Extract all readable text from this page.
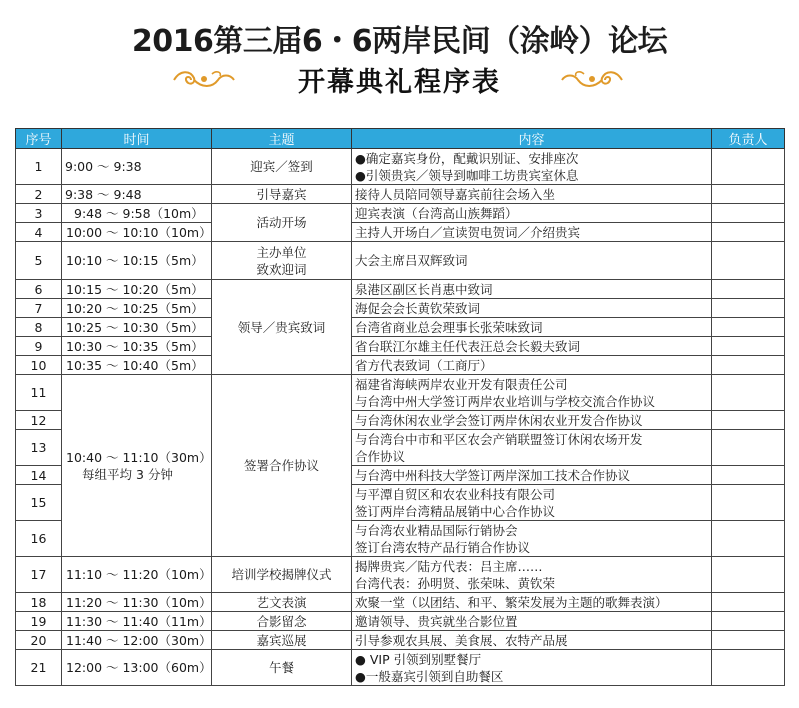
2016第三届6・6两岸民间（涂岭）论坛
开幕典礼程序表
序号	时间	主题	内容	负责人
1	9:00 ～ 9:38	迎宾／签到	●确定嘉宾身份，配戴识别证、安排座次
●引领贵宾／领导到咖啡工坊贵宾室休息	

2	9:38 ～ 9:48	引导嘉宾	接待人员陪同领导嘉宾前往会场入坐	
3	9:48 ～ 9:58（10m）	活动开场	迎宾表演（台湾高山族舞蹈）	
4	10:00 ～ 10:10（10m）		主持人开场白／宣读贺电贺词／介绍贵宾	
5	10:10 ～ 10:15（5m）	主办单位
致欢迎词	大会主席吕双辉致词	
6	10:15 ～ 10:20（5m）	领导／贵宾致词	泉港区副区长肖惠中致词	
7	10:20 ～ 10:25（5m）		海促会会长黄钦荣致词	
8	10:25 ～ 10:30（5m）		台湾省商业总会理事长张荣味致词	
9	10:30 ～ 10:35（5m）		省台联江尔雄主任代表汪总会长毅夫致词	
10	10:35 ～ 10:40（5m）		省方代表致词（工商厅）	
11	10:40 ～ 11:10（30m）
每组平均 3 分钟	签署合作协议	福建省海峡两岸农业开发有限责任公司
与台湾中州大学签订两岸农业培训与学校交流合作协议	

12			与台湾休闲农业学会签订两岸休闲农业开发合作协议	
13			与台湾台中市和平区农会产销联盟签订休闲农场开发
合作协议	

14			与台湾中州科技大学签订两岸深加工技术合作协议	
15			与平潭自贸区和农农业科技有限公司
签订两岸台湾精品展销中心合作协议	

16			与台湾农业精品国际行销协会
签订台湾农特产品行销合作协议	

17	11:10 ～ 11:20（10m）	培训学校揭牌仪式	揭牌贵宾／陆方代表：吕主席……
台湾代表：孙明贤、张荣味、黄钦荣	

18	11:20 ～ 11:30（10m）	艺文表演	欢聚一堂（以团结、和平、繁荣发展为主题的歌舞表演）	
19	11:30 ～ 11:40（11m）	合影留念	邀请领导、贵宾就坐合影位置	
20	11:40 ～ 12:00（30m）	嘉宾巡展	引导参观农具展、美食展、农特产品展	
21	12:00 ～ 13:00（60m）	午餐	● VIP 引领到别墅餐厅
●一般嘉宾引领到自助餐区	
